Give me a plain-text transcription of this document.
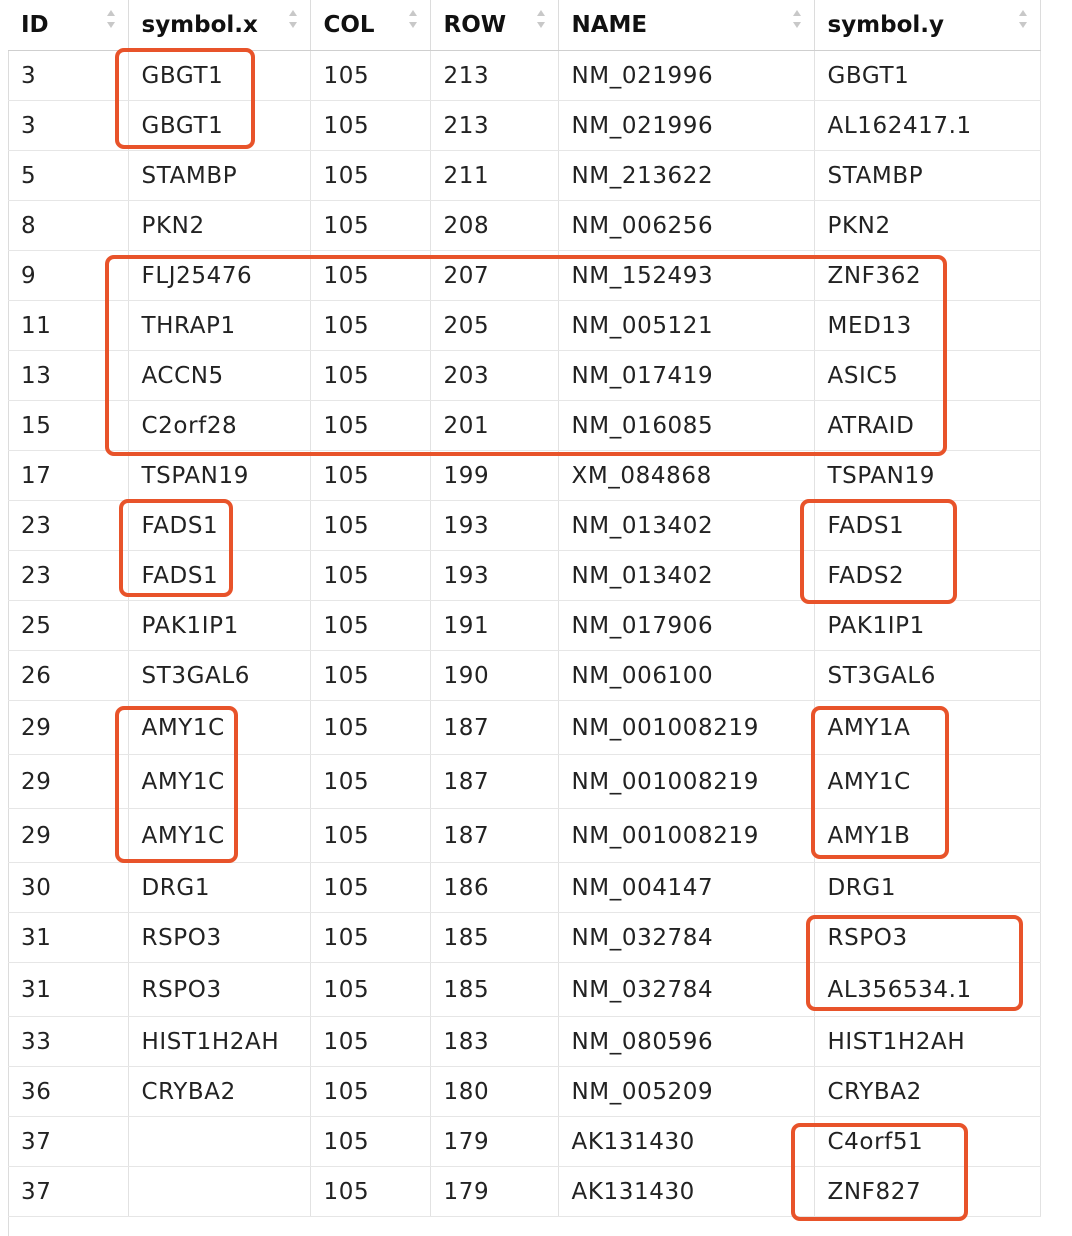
ID	symbol.x	COL	ROW	NAME	symbol.y

3	GBGT1	105	213	NM_021996	GBGT1
3	GBGT1	105	213	NM_021996	AL162417.1
5	STAMBP	105	211	NM_213622	STAMBP
8	PKN2	105	208	NM_006256	PKN2
9	FLJ25476	105	207	NM_152493	ZNF362
11	THRAP1	105	205	NM_005121	MED13
13	ACCN5	105	203	NM_017419	ASIC5
15	C2orf28	105	201	NM_016085	ATRAID
17	TSPAN19	105	199	XM_084868	TSPAN19
23	FADS1	105	193	NM_013402	FADS1
23	FADS1	105	193	NM_013402	FADS2
25	PAK1IP1	105	191	NM_017906	PAK1IP1
26	ST3GAL6	105	190	NM_006100	ST3GAL6
29	AMY1C	105	187	NM_001008219	AMY1A
29	AMY1C	105	187	NM_001008219	AMY1C
29	AMY1C	105	187	NM_001008219	AMY1B
30	DRG1	105	186	NM_004147	DRG1
31	RSPO3	105	185	NM_032784	RSPO3
31	RSPO3	105	185	NM_032784	AL356534.1
33	HIST1H2AH	105	183	NM_080596	HIST1H2AH
36	CRYBA2	105	180	NM_005209	CRYBA2
37		105	179	AK131430	C4orf51
37		105	179	AK131430	ZNF827
